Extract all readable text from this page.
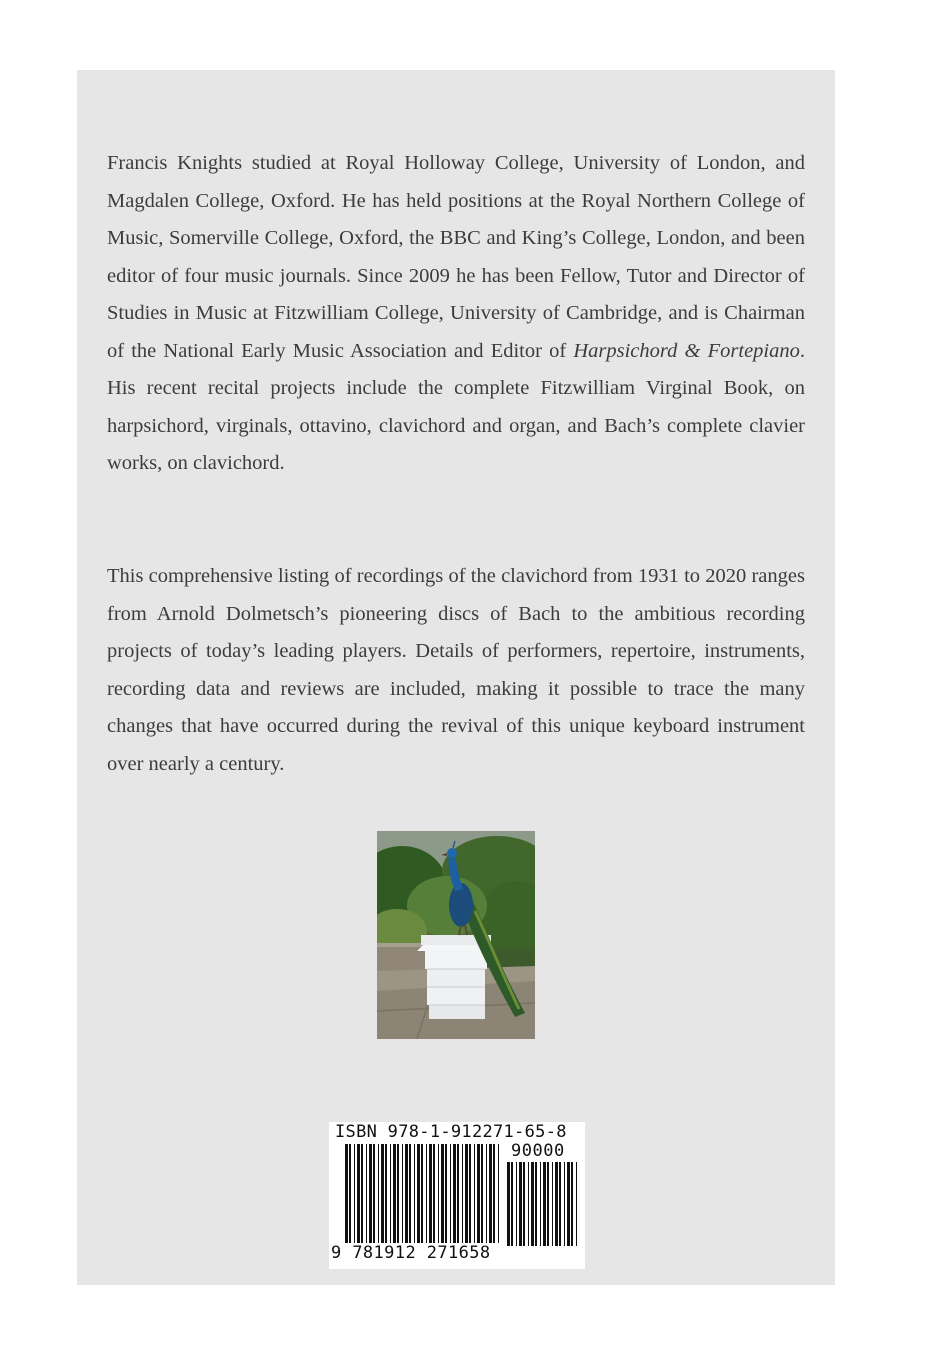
Francis Knights studied at Royal Holloway College, University of London, and Magdalen College, Oxford. He has held positions at the Royal Northern College of Music, Somerville College, Oxford, the BBC and King’s College, London, and been editor of four music journals. Since 2009 he has been Fellow, Tutor and Director of Studies in Music at Fitzwilliam College, University of Cambridge, and is Chairman of the National Early Music Association and Editor of Harpsichord & Fortepiano. His recent recital projects include the complete Fitzwilliam Virginal Book, on harpsichord, virginals, ottavino, clavichord and organ, and Bach’s complete clavier works, on clavichord.

This comprehensive listing of recordings of the clavichord from 1931 to 2020 ranges from Arnold Dolmetsch’s pioneering discs of Bach to the ambitious recording projects of today’s leading players. Details of performers, repertoire, instruments, recording data and reviews are included, making it possible to trace the many changes that have occurred during the revival of this unique keyboard instrument over nearly a century.

ISBN 978-1-912271-65-8
90000
9 781912 271658
